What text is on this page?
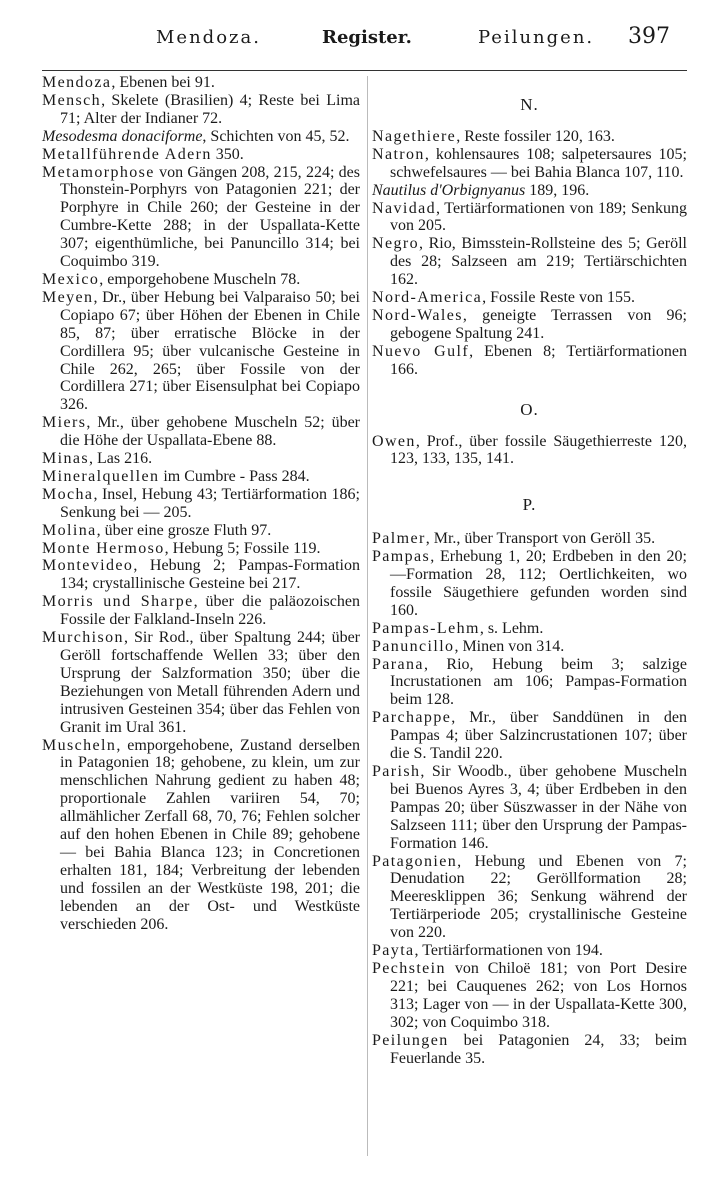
Mendoza.	Register.	Peilungen. 397

Mendoza, Ebenen bei 91.

Mensch, Skelete (Brasilien) 4; Reste bei Lima 71; Alter der Indianer 72.

Mesodesma donaciforme, Schichten von 45, 52.

Metallführende Adern 350.

Metamorphose von Gängen 208, 215, 224; des Thonstein-Porphyrs von Patagonien 221; der Porphyre in Chile 260; der Gesteine in der Cumbre-Kette 288; in der Uspallata-Kette 307; eigenthümliche, bei Panuncillo 314; bei Coquimbo 319.

Mexico, emporgehobene Muscheln 78.

Meyen, Dr., über Hebung bei Valparaiso 50; bei Copiapo 67; über Höhen der Ebenen in Chile 85, 87; über erratische Blöcke in der Cordillera 95; über vulcanische Gesteine in Chile 262, 265; über Fossile von der Cordillera 271; über Eisensulphat bei Copiapo 326.

Miers, Mr., über gehobene Muscheln 52; über die Höhe der Uspallata-Ebene 88.

Minas, Las 216.

Mineralquellen im Cumbre - Pass 284.

Mocha, Insel, Hebung 43; Tertiärformation 186; Senkung bei — 205.

Molina, über eine grosze Fluth 97.

Monte Hermoso, Hebung 5; Fossile 119.

Montevideo, Hebung 2; Pampas-Formation 134; crystallinische Gesteine bei 217.

Morris und Sharpe, über die paläozoischen Fossile der Falkland-Inseln 226.

Murchison, Sir Rod., über Spaltung 244; über Geröll fortschaffende Wellen 33; über den Ursprung der Salzformation 350; über die Beziehungen von Metall führenden Adern und intrusiven Gesteinen 354; über das Fehlen von Granit im Ural 361.

Muscheln, emporgehobene, Zustand derselben in Patagonien 18; gehobene, zu klein, um zur menschlichen Nahrung gedient zu haben 48; proportionale Zahlen variiren 54, 70; allmählicher Zerfall 68, 70, 76; Fehlen solcher auf den hohen Ebenen in Chile 89; gehobene — bei Bahia Blanca 123; in Concretionen erhalten 181, 184; Verbreitung der lebenden und fossilen an der Westküste 198, 201; die lebenden an der Ost- und Westküste verschieden 206.

N.

Nagethiere, Reste fossiler 120, 163.

Natron, kohlensaures 108; salpetersaures 105; schwefelsaures — bei Bahia Blanca 107, 110.

Nautilus d'Orbignyanus 189, 196.

Navidad, Tertiärformationen von 189; Senkung von 205.

Negro, Rio, Bimsstein-Rollsteine des 5; Geröll des 28; Salzseen am 219; Tertiärschichten 162.

Nord-America, Fossile Reste von 155.

Nord-Wales, geneigte Terrassen von 96; gebogene Spaltung 241.

Nuevo Gulf, Ebenen 8; Tertiärformationen 166.

O.

Owen, Prof., über fossile Säugethierreste 120, 123, 133, 135, 141.

P.

Palmer, Mr., über Transport von Geröll 35.

Pampas, Erhebung 1, 20; Erdbeben in den 20; —Formation 28, 112; Oertlichkeiten, wo fossile Säugethiere gefunden worden sind 160.

Pampas-Lehm, s. Lehm.

Panuncillo, Minen von 314.

Parana, Rio, Hebung beim 3; salzige Incrustationen am 106; Pampas-Formation beim 128.

Parchappe, Mr., über Sanddünen in den Pampas 4; über Salzincrustationen 107; über die S. Tandil 220.

Parish, Sir Woodb., über gehobene Muscheln bei Buenos Ayres 3, 4; über Erdbeben in den Pampas 20; über Süszwasser in der Nähe von Salzseen 111; über den Ursprung der Pampas-Formation 146.

Patagonien, Hebung und Ebenen von 7; Denudation 22; Geröllformation 28; Meeresklippen 36; Senkung während der Tertiärperiode 205; crystallinische Gesteine von 220.

Payta, Tertiärformationen von 194.

Pechstein von Chiloë 181; von Port Desire 221; bei Cauquenes 262; von Los Hornos 313; Lager von — in der Uspallata-Kette 300, 302; von Coquimbo 318.

Peilungen bei Patagonien 24, 33; beim Feuerlande 35.
